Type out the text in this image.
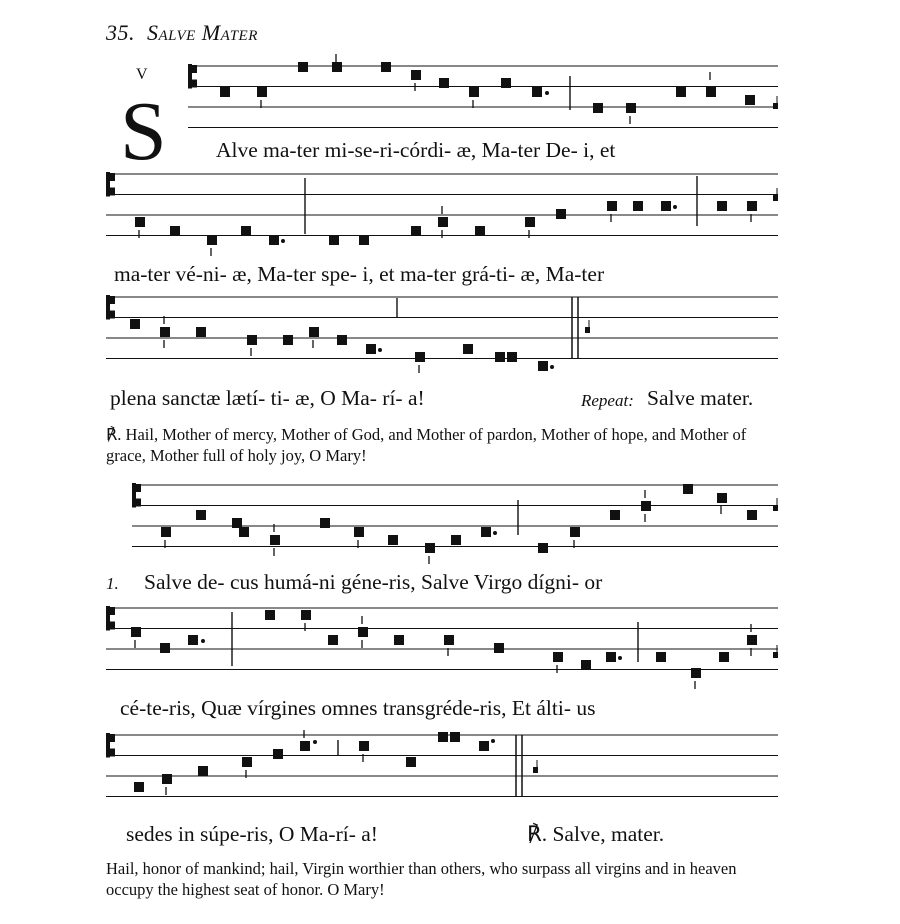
35. Salve Mater
V
S Alve ma-ter mi-se-ri-córdi- æ, Ma-ter De- i, et
ma-ter vé-ni- æ, Ma-ter spe- i, et ma-ter grá-ti- æ, Ma-ter
plena sanctæ lætí- ti- æ, O Ma- rí- a!	Repeat: Salve mater.
℟. Hail, Mother of mercy, Mother of God, and Mother of pardon, Mother of hope, and Mother of grace, Mother full of holy joy, O Mary!
1. Salve de- cus humá-ni géne-ris, Salve Virgo dígni- or
cé-te-ris, Quæ vírgines omnes transgréde-ris, Et álti- us
sedes in súpe-ris, O Ma-rí- a!	℟. Salve, mater.
Hail, honor of mankind; hail, Virgin worthier than others, who surpass all virgins and in heaven occupy the highest seat of honor. O Mary!
